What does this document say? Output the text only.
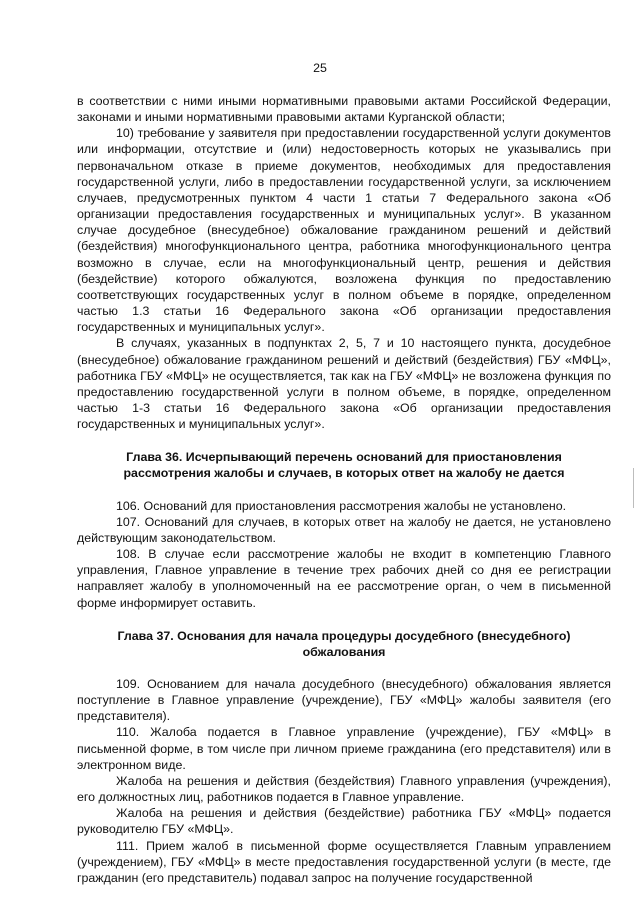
25

в соответствии с ними иными нормативными правовыми актами Российской Федерации, законами и иными нормативными правовыми актами Курганской области;

10) требование у заявителя при предоставлении государственной услуги документов или информации, отсутствие и (или) недостоверность которых не указывались при первоначальном отказе в приеме документов, необходимых для предоставления государственной услуги, либо в предоставлении государственной услуги, за исключением случаев, предусмотренных пунктом 4 части 1 статьи 7 Федерального закона «Об организации предоставления государственных и муниципальных услуг». В указанном случае досудебное (внесудебное) обжалование гражданином решений и действий (бездействия) многофункционального центра, работника многофункционального центра возможно в случае, если на многофункциональный центр, решения и действия (бездействие) которого обжалуются, возложена функция по предоставлению соответствующих государственных услуг в полном объеме в порядке, определенном частью 1.3 статьи 16 Федерального закона «Об организации предоставления государственных и муниципальных услуг».

В случаях, указанных в подпунктах 2, 5, 7 и 10 настоящего пункта, досудебное (внесудебное) обжалование гражданином решений и действий (бездействия) ГБУ «МФЦ», работника ГБУ «МФЦ» не осуществляется, так как на ГБУ «МФЦ» не возложена функция по предоставлению государственной услуги в полном объеме, в порядке, определенном частью 1-3 статьи 16 Федерального закона «Об организации предоставления государственных и муниципальных услуг».

Глава 36. Исчерпывающий перечень оснований для приостановления
рассмотрения жалобы и случаев, в которых ответ на жалобу не дается

106. Оснований для приостановления рассмотрения жалобы не установлено.

107. Оснований для случаев, в которых ответ на жалобу не дается, не установлено действующим законодательством.

108. В случае если рассмотрение жалобы не входит в компетенцию Главного управления, Главное управление в течение трех рабочих дней со дня ее регистрации направляет жалобу в уполномоченный на ее рассмотрение орган, о чем в письменной форме информирует оставить.

Глава 37. Основания для начала процедуры досудебного (внесудебного)
обжалования

109. Основанием для начала досудебного (внесудебного) обжалования является поступление в Главное управление (учреждение), ГБУ «МФЦ» жалобы заявителя (его представителя).

110. Жалоба подается в Главное управление (учреждение), ГБУ «МФЦ» в письменной форме, в том числе при личном приеме гражданина (его представителя) или в электронном виде.

Жалоба на решения и действия (бездействия) Главного управления (учреждения), его должностных лиц, работников подается в Главное управление.

Жалоба на решения и действия (бездействие) работника ГБУ «МФЦ» подается руководителю ГБУ «МФЦ».

111. Прием жалоб в письменной форме осуществляется Главным управлением (учреждением), ГБУ «МФЦ» в месте предоставления государственной услуги (в месте, где гражданин (его представитель) подавал запрос на получение государственной
